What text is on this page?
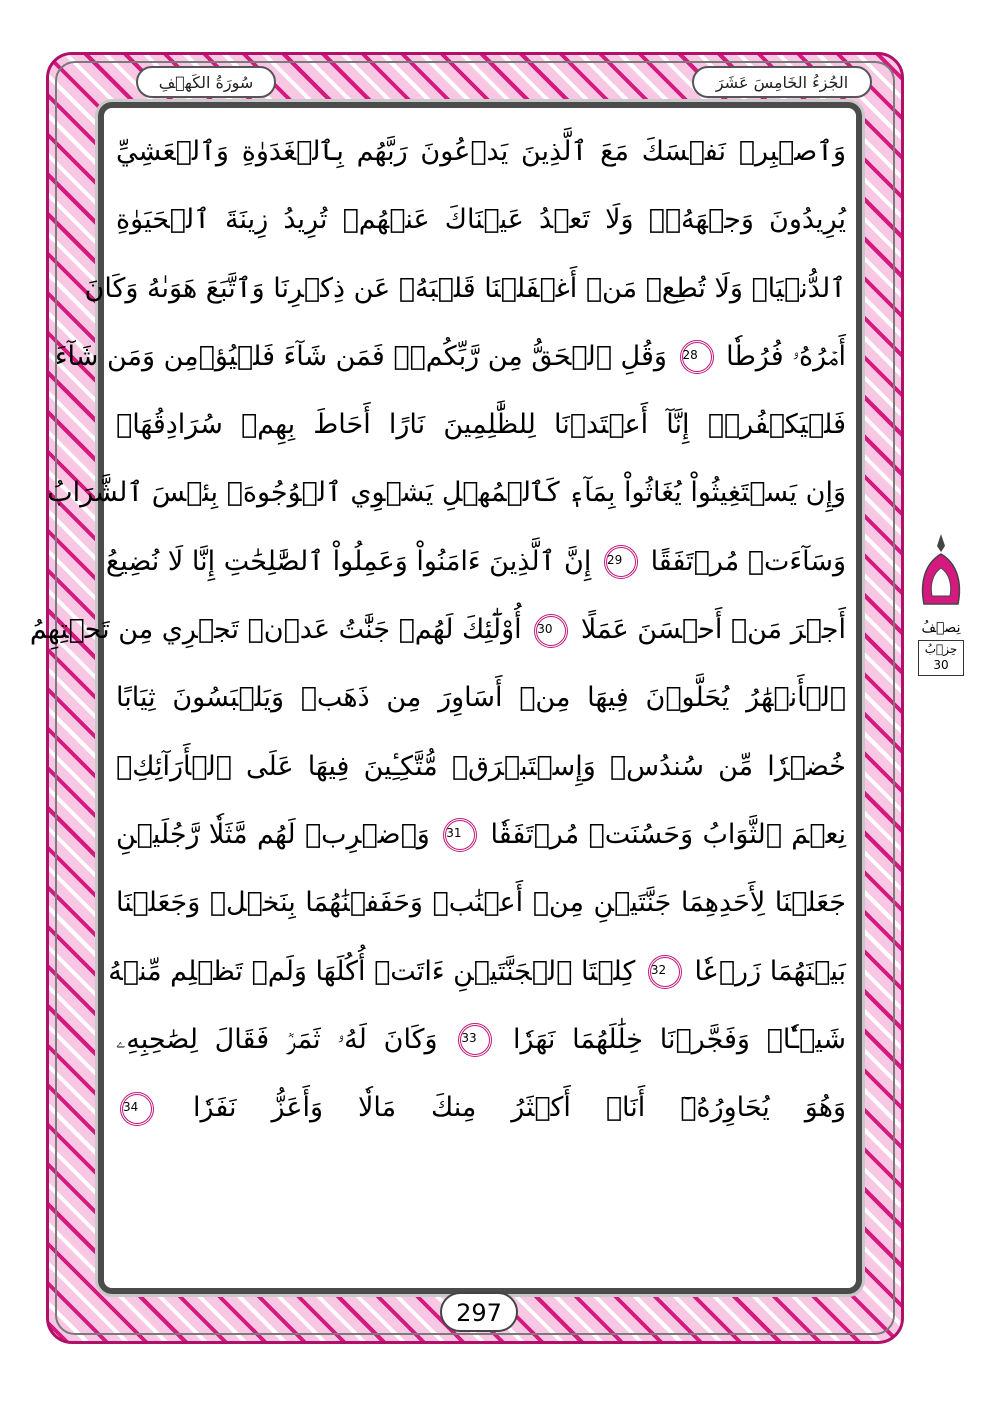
الجُزءُ الخَامِسَ عَشَرَ
سُورَةُ الكَهۡفِ
وَٱصۡبِرۡ نَفۡسَكَ مَعَ ٱلَّذِينَ يَدۡعُونَ رَبَّهُم بِٱلۡغَدَوٰةِ وَٱلۡعَشِيِّ
يُرِيدُونَ وَجۡهَهُۥۖ وَلَا تَعۡدُ عَيۡنَاكَ عَنۡهُمۡ تُرِيدُ زِينَةَ ٱلۡحَيَوٰةِ
ٱلدُّنۡيَاۖ وَلَا تُطِعۡ مَنۡ أَغۡفَلۡنَا قَلۡبَهُۥ عَن ذِكۡرِنَا وَٱتَّبَعَ هَوَىٰهُ وَكَانَ
أَمۡرُهُۥ فُرُطٗا 28 وَقُلِ ٱلۡحَقُّ مِن رَّبِّكُمۡۖ فَمَن شَآءَ فَلۡيُؤۡمِن وَمَن شَآءَ
فَلۡيَكۡفُرۡۚ إِنَّآ أَعۡتَدۡنَا لِلظَّٰلِمِينَ نَارًا أَحَاطَ بِهِمۡ سُرَادِقُهَاۚ
وَإِن يَسۡتَغِيثُواْ يُغَاثُواْ بِمَآءٖ كَٱلۡمُهۡلِ يَشۡوِي ٱلۡوُجُوهَۚ بِئۡسَ ٱلشَّرَابُ
وَسَآءَتۡ مُرۡتَفَقًا 29 إِنَّ ٱلَّذِينَ ءَامَنُواْ وَعَمِلُواْ ٱلصَّٰلِحَٰتِ إِنَّا لَا نُضِيعُ
أَجۡرَ مَنۡ أَحۡسَنَ عَمَلًا 30 أُوْلَٰٓئِكَ لَهُمۡ جَنَّٰتُ عَدۡنٖ تَجۡرِي مِن تَحۡتِهِمُ
ٱلۡأَنۡهَٰرُ يُحَلَّوۡنَ فِيهَا مِنۡ أَسَاوِرَ مِن ذَهَبٖ وَيَلۡبَسُونَ ثِيَابًا
خُضۡرٗا مِّن سُندُسٖ وَإِسۡتَبۡرَقٖ مُّتَّكِـِٔينَ فِيهَا عَلَى ٱلۡأَرَآئِكِۚ
نِعۡمَ ٱلثَّوَابُ وَحَسُنَتۡ مُرۡتَفَقٗا 31 وَٱضۡرِبۡ لَهُم مَّثَلٗا رَّجُلَيۡنِ
جَعَلۡنَا لِأَحَدِهِمَا جَنَّتَيۡنِ مِنۡ أَعۡنَٰبٖ وَحَفَفۡنَٰهُمَا بِنَخۡلٖ وَجَعَلۡنَا
بَيۡنَهُمَا زَرۡعٗا 32 كِلۡتَا ٱلۡجَنَّتَيۡنِ ءَاتَتۡ أُكُلَهَا وَلَمۡ تَظۡلِم مِّنۡهُ
شَيۡـٔٗاۚ وَفَجَّرۡنَا خِلَٰلَهُمَا نَهَرٗا 33 وَكَانَ لَهُۥ ثَمَرٞ فَقَالَ لِصَٰحِبِهِۦ
وَهُوَ يُحَاوِرُهُۥٓ أَنَا۠ أَكۡثَرُ مِنكَ مَالٗا وَأَعَزُّ نَفَرٗا 34
نِصۡفُ
حِزۡبُ
30
297
